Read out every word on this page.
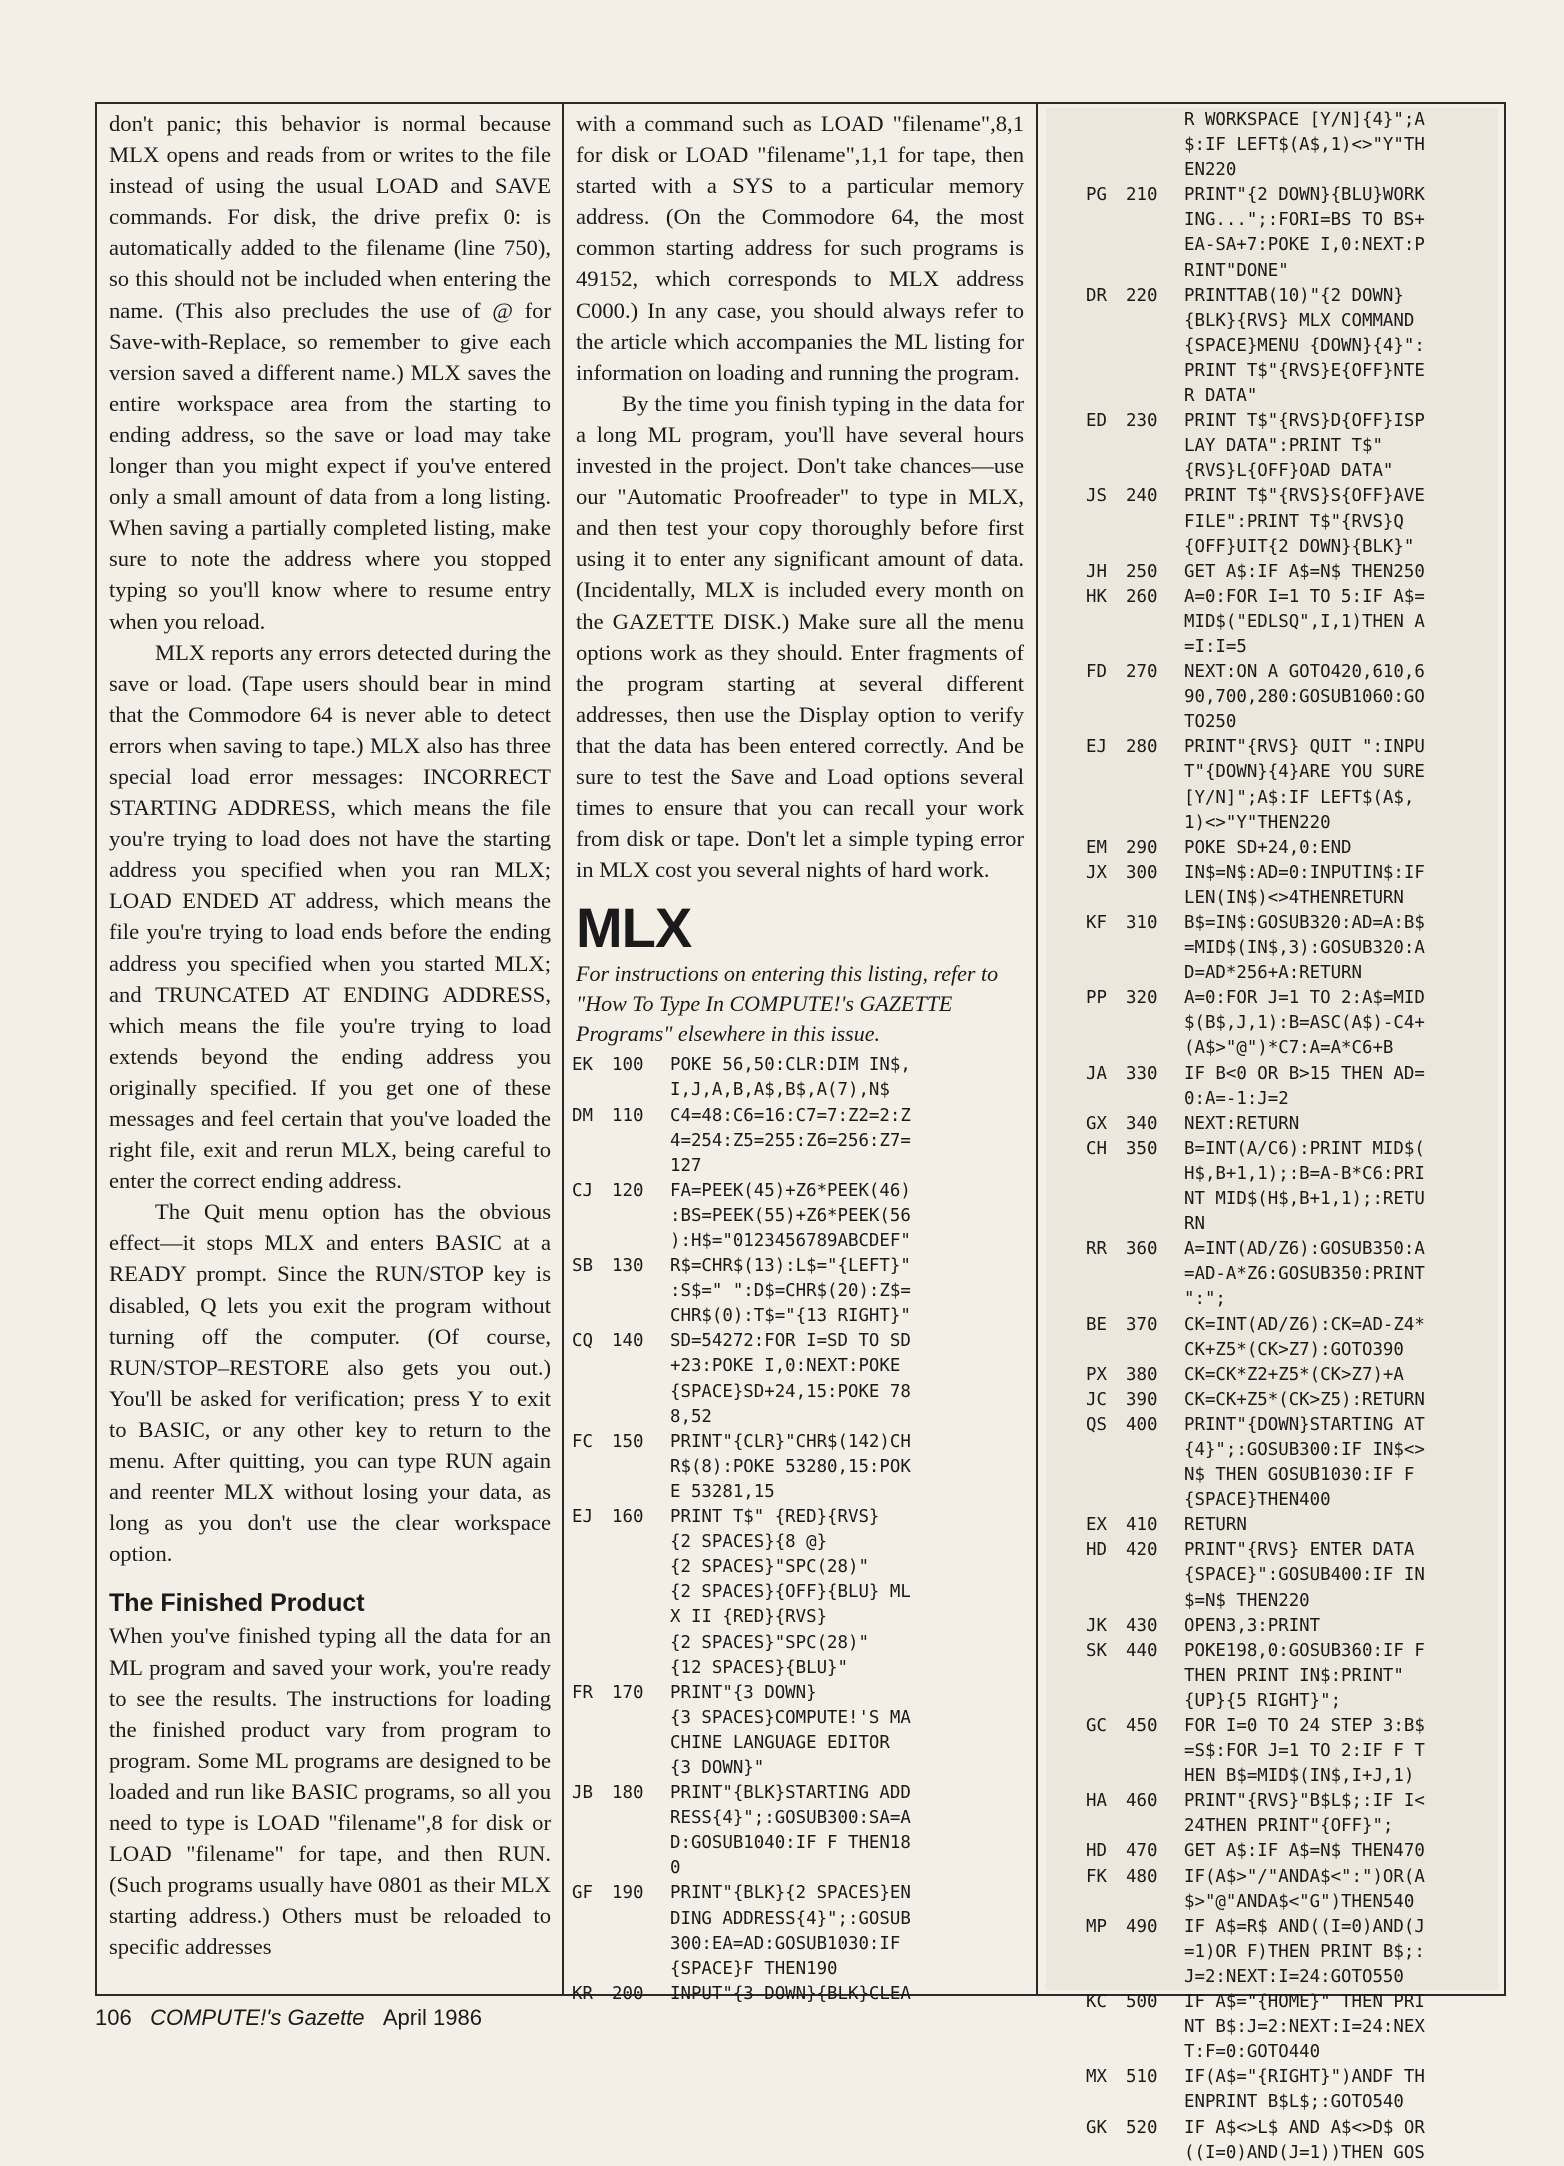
don't panic; this behavior is normal because MLX opens and reads from or writes to the file instead of using the usual LOAD and SAVE commands. For disk, the drive prefix 0: is automatically added to the filename (line 750), so this should not be included when entering the name. (This also precludes the use of @ for Save-with-Replace, so remember to give each version saved a different name.) MLX saves the entire workspace area from the starting to ending address, so the save or load may take longer than you might expect if you've entered only a small amount of data from a long listing. When saving a partially completed listing, make sure to note the address where you stopped typing so you'll know where to resume entry when you reload.

MLX reports any errors detected during the save or load. (Tape users should bear in mind that the Commodore 64 is never able to detect errors when saving to tape.) MLX also has three special load error messages: INCORRECT STARTING ADDRESS, which means the file you're trying to load does not have the starting address you specified when you ran MLX; LOAD ENDED AT address, which means the file you're trying to load ends before the ending address you specified when you started MLX; and TRUNCATED AT ENDING ADDRESS, which means the file you're trying to load extends beyond the ending address you originally specified. If you get one of these messages and feel certain that you've loaded the right file, exit and rerun MLX, being careful to enter the correct ending address.

The Quit menu option has the obvious effect—it stops MLX and enters BASIC at a READY prompt. Since the RUN/STOP key is disabled, Q lets you exit the program without turning off the computer. (Of course, RUN/STOP–RESTORE also gets you out.) You'll be asked for verification; press Y to exit to BASIC, or any other key to return to the menu. After quitting, you can type RUN again and reenter MLX without losing your data, as long as you don't use the clear workspace option.

The Finished Product

When you've finished typing all the data for an ML program and saved your work, you're ready to see the results. The instructions for loading the finished product vary from program to program. Some ML programs are designed to be loaded and run like BASIC programs, so all you need to type is LOAD "filename",8 for disk or LOAD "filename" for tape, and then RUN. (Such programs usually have 0801 as their MLX starting address.) Others must be reloaded to specific addresses

with a command such as LOAD "filename",8,1 for disk or LOAD "filename",1,1 for tape, then started with a SYS to a particular memory address. (On the Commodore 64, the most common starting address for such programs is 49152, which corresponds to MLX address C000.) In any case, you should always refer to the article which accompanies the ML listing for information on loading and running the program.

By the time you finish typing in the data for a long ML program, you'll have several hours invested in the project. Don't take chances—use our "Automatic Proofreader" to type in MLX, and then test your copy thoroughly before first using it to enter any significant amount of data. (Incidentally, MLX is included every month on the GAZETTE DISK.) Make sure all the menu options work as they should. Enter fragments of the program starting at several different addresses, then use the Display option to verify that the data has been entered correctly. And be sure to test the Save and Load options several times to ensure that you can recall your work from disk or tape. Don't let a simple typing error in MLX cost you several nights of hard work.

MLX
For instructions on entering this listing, refer to "How To Type In COMPUTE!'s GAZETTE Programs" elsewhere in this issue.
EK	100	POKE 56,50:CLR:DIM IN$,
I,J,A,B,A$,B$,A(7),N$
DM	110	C4=48:C6=16:C7=7:Z2=2:Z
4=254:Z5=255:Z6=256:Z7=
127
CJ	120	FA=PEEK(45)+Z6*PEEK(46)
:BS=PEEK(55)+Z6*PEEK(56
):H$="0123456789ABCDEF"
SB	130	R$=CHR$(13):L$="{LEFT}"
:S$=" ":D$=CHR$(20):Z$=
CHR$(0):T$="{13 RIGHT}"
CQ	140	SD=54272:FOR I=SD TO SD
+23:POKE I,0:NEXT:POKE
{SPACE}SD+24,15:POKE 78
8,52
FC	150	PRINT"{CLR}"CHR$(142)CH
R$(8):POKE 53280,15:POK
E 53281,15
EJ	160	PRINT T$" {RED}{RVS}
{2 SPACES}{8 @}
{2 SPACES}"SPC(28)"
{2 SPACES}{OFF}{BLU} ML
X II {RED}{RVS}
{2 SPACES}"SPC(28)"
{12 SPACES}{BLU}"
FR	170	PRINT"{3 DOWN}
{3 SPACES}COMPUTE!'S MA
CHINE LANGUAGE EDITOR
{3 DOWN}"
JB	180	PRINT"{BLK}STARTING ADD
RESS{4}";:GOSUB300:SA=A
D:GOSUB1040:IF F THEN18
0
GF	190	PRINT"{BLK}{2 SPACES}EN
DING ADDRESS{4}";:GOSUB
300:EA=AD:GOSUB1030:IF
{SPACE}F THEN190
KR	200	INPUT"{3 DOWN}{BLK}CLEA
R WORKSPACE [Y/N]{4}";A
$:IF LEFT$(A$,1)<>"Y"TH
EN220
PG	210	PRINT"{2 DOWN}{BLU}WORK
ING...";:FORI=BS TO BS+
EA-SA+7:POKE I,0:NEXT:P
RINT"DONE"
DR	220	PRINTTAB(10)"{2 DOWN}
{BLK}{RVS} MLX COMMAND
{SPACE}MENU {DOWN}{4}":
PRINT T$"{RVS}E{OFF}NTE
R DATA"
ED	230	PRINT T$"{RVS}D{OFF}ISP
LAY DATA":PRINT T$"
{RVS}L{OFF}OAD DATA"
JS	240	PRINT T$"{RVS}S{OFF}AVE
FILE":PRINT T$"{RVS}Q
{OFF}UIT{2 DOWN}{BLK}"
JH	250	GET A$:IF A$=N$ THEN250
HK	260	A=0:FOR I=1 TO 5:IF A$=
MID$("EDLSQ",I,1)THEN A
=I:I=5
FD	270	NEXT:ON A GOTO420,610,6
90,700,280:GOSUB1060:GO
TO250
EJ	280	PRINT"{RVS} QUIT ":INPU
T"{DOWN}{4}ARE YOU SURE
[Y/N]";A$:IF LEFT$(A$,
1)<>"Y"THEN220
EM	290	POKE SD+24,0:END
JX	300	IN$=N$:AD=0:INPUTIN$:IF
LEN(IN$)<>4THENRETURN
KF	310	B$=IN$:GOSUB320:AD=A:B$
=MID$(IN$,3):GOSUB320:A
D=AD*256+A:RETURN
PP	320	A=0:FOR J=1 TO 2:A$=MID
$(B$,J,1):B=ASC(A$)-C4+
(A$>"@")*C7:A=A*C6+B
JA	330	IF B<0 OR B>15 THEN AD=
0:A=-1:J=2
GX	340	NEXT:RETURN
CH	350	B=INT(A/C6):PRINT MID$(
H$,B+1,1);:B=A-B*C6:PRI
NT MID$(H$,B+1,1);:RETU
RN
RR	360	A=INT(AD/Z6):GOSUB350:A
=AD-A*Z6:GOSUB350:PRINT
":";
BE	370	CK=INT(AD/Z6):CK=AD-Z4*
CK+Z5*(CK>Z7):GOTO390
PX	380	CK=CK*Z2+Z5*(CK>Z7)+A
JC	390	CK=CK+Z5*(CK>Z5):RETURN
QS	400	PRINT"{DOWN}STARTING AT
{4}";:GOSUB300:IF IN$<>
N$ THEN GOSUB1030:IF F
{SPACE}THEN400
EX	410	RETURN
HD	420	PRINT"{RVS} ENTER DATA
{SPACE}":GOSUB400:IF IN
$=N$ THEN220
JK	430	OPEN3,3:PRINT
SK	440	POKE198,0:GOSUB360:IF F
THEN PRINT IN$:PRINT"
{UP}{5 RIGHT}";
GC	450	FOR I=0 TO 24 STEP 3:B$
=S$:FOR J=1 TO 2:IF F T
HEN B$=MID$(IN$,I+J,1)
HA	460	PRINT"{RVS}"B$L$;:IF I<
24THEN PRINT"{OFF}";
HD	470	GET A$:IF A$=N$ THEN470
FK	480	IF(A$>"/"ANDA$<":")OR(A
$>"@"ANDA$<"G")THEN540
MP	490	IF A$=R$ AND((I=0)AND(J
=1)OR F)THEN PRINT B$;:
J=2:NEXT:I=24:GOTO550
KC	500	IF A$="{HOME}" THEN PRI
NT B$:J=2:NEXT:I=24:NEX
T:F=0:GOTO440
MX	510	IF(A$="{RIGHT}")ANDF TH
ENPRINT B$L$;:GOTO540
GK	520	IF A$<>L$ AND A$<>D$ OR
((I=0)AND(J=1))THEN GOS
106 COMPUTE!'s Gazette April 1986
